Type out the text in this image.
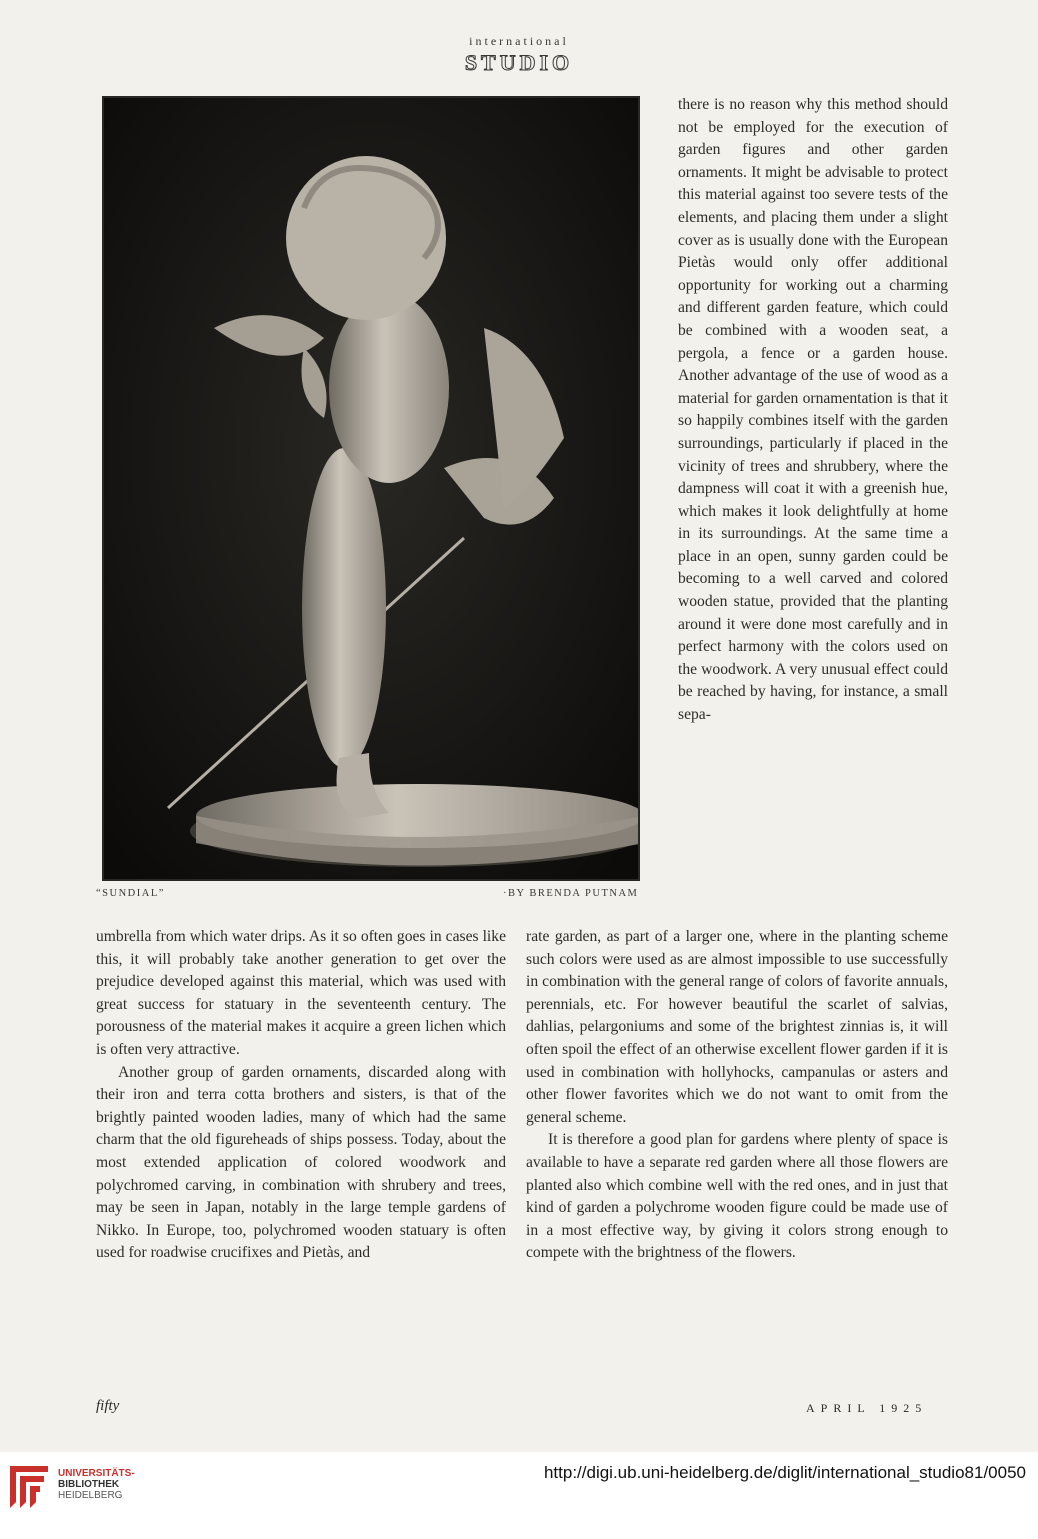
international
STUDIO
“SUNDIAL”	·BY BRENDA PUTNAM

there is no reason why this method should not be employed for the execution of garden figures and other garden ornaments. It might be advisable to protect this material against too severe tests of the elements, and placing them under a slight cover as is usually done with the European Pietàs would only offer additional opportunity for working out a charming and different garden feature, which could be combined with a wooden seat, a pergola, a fence or a garden house. Another advantage of the use of wood as a material for garden ornamentation is that it so happily combines itself with the garden surroundings, particularly if placed in the vicinity of trees and shrubbery, where the dampness will coat it with a greenish hue, which makes it look delightfully at home in its surroundings. At the same time a place in an open, sunny garden could be becoming to a well carved and colored wooden statue, provided that the planting around it were done most carefully and in perfect harmony with the colors used on the woodwork. A very unusual effect could be reached by having, for instance, a small sepa-

umbrella from which water drips. As it so often goes in cases like this, it will probably take another generation to get over the prejudice developed against this material, which was used with great success for statuary in the seventeenth century. The porousness of the material makes it acquire a green lichen which is often very attractive.

Another group of garden ornaments, discarded along with their iron and terra cotta brothers and sisters, is that of the brightly painted wooden ladies, many of which had the same charm that the old figureheads of ships possess. Today, about the most extended application of colored woodwork and polychromed carving, in combination with shrubery and trees, may be seen in Japan, notably in the large temple gardens of Nikko. In Europe, too, polychromed wooden statuary is often used for roadwise crucifixes and Pietàs, and

rate garden, as part of a larger one, where in the planting scheme such colors were used as are almost impossible to use successfully in combination with the general range of colors of favorite annuals, perennials, etc. For however beautiful the scarlet of salvias, dahlias, pelargoniums and some of the brightest zinnias is, it will often spoil the effect of an otherwise excellent flower garden if it is used in combination with hollyhocks, campanulas or asters and other flower favorites which we do not want to omit from the general scheme.

It is therefore a good plan for gardens where plenty of space is available to have a separate red garden where all those flowers are planted also which combine well with the red ones, and in just that kind of garden a polychrome wooden figure could be made use of in a most effective way, by giving it colors strong enough to compete with the brightness of the flowers.

fifty	APRIL 1925
UNIVERSITÄTS-
BIBLIOTHEK
HEIDELBERG
http://digi.ub.uni-heidelberg.de/diglit/international_studio81/0050
